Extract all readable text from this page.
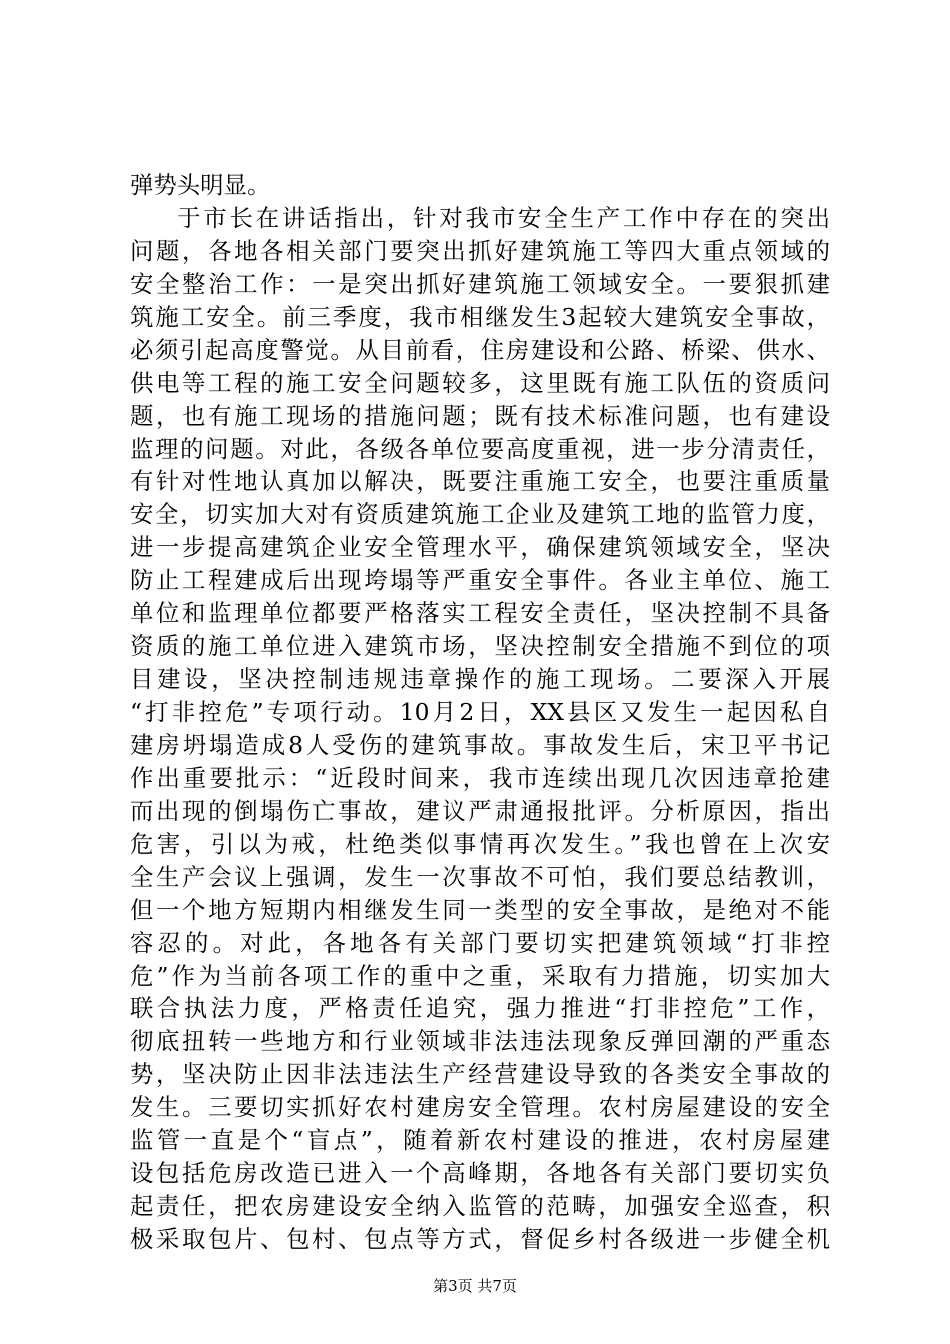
弹势头明显。
于市长在讲话指出，针对我市安全生产工作中存在的突出
问题，各地各相关部门要突出抓好建筑施工等四大重点领域的
安全整治工作：一是突出抓好建筑施工领域安全。一要狠抓建
筑施工安全。前三季度，我市相继发生3起较大建筑安全事故，
必须引起高度警觉。从目前看，住房建设和公路、桥梁、供水、
供电等工程的施工安全问题较多，这里既有施工队伍的资质问
题，也有施工现场的措施问题；既有技术标准问题，也有建设
监理的问题。对此，各级各单位要高度重视，进一步分清责任，
有针对性地认真加以解决，既要注重施工安全，也要注重质量
安全，切实加大对有资质建筑施工企业及建筑工地的监管力度，
进一步提高建筑企业安全管理水平，确保建筑领域安全，坚决
防止工程建成后出现垮塌等严重安全事件。各业主单位、施工
单位和监理单位都要严格落实工程安全责任，坚决控制不具备
资质的施工单位进入建筑市场，坚决控制安全措施不到位的项
目建设，坚决控制违规违章操作的施工现场。二要深入开展
“打非控危”专项行动。10月2日，XX县区又发生一起因私自
建房坍塌造成8人受伤的建筑事故。事故发生后，宋卫平书记
作出重要批示：“近段时间来，我市连续出现几次因违章抢建
而出现的倒塌伤亡事故，建议严肃通报批评。分析原因，指出
危害，引以为戒，杜绝类似事情再次发生。”我也曾在上次安
全生产会议上强调，发生一次事故不可怕，我们要总结教训，
但一个地方短期内相继发生同一类型的安全事故，是绝对不能
容忍的。对此，各地各有关部门要切实把建筑领域“打非控
危”作为当前各项工作的重中之重，采取有力措施，切实加大
联合执法力度，严格责任追究，强力推进“打非控危”工作，
彻底扭转一些地方和行业领域非法违法现象反弹回潮的严重态
势，坚决防止因非法违法生产经营建设导致的各类安全事故的
发生。三要切实抓好农村建房安全管理。农村房屋建设的安全
监管一直是个“盲点”，随着新农村建设的推进，农村房屋建
设包括危房改造已进入一个高峰期，各地各有关部门要切实负
起责任，把农房建设安全纳入监管的范畴，加强安全巡查，积
极采取包片、包村、包点等方式，督促乡村各级进一步健全机
第3页 共7页
